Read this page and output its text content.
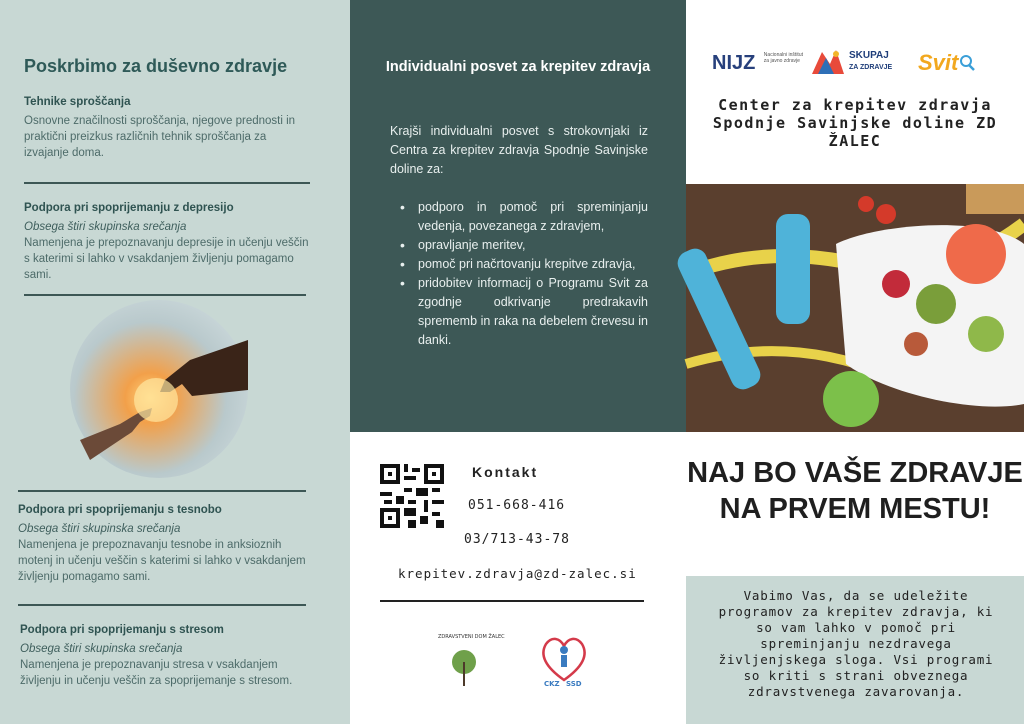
Poskrbimo za duševno zdravje
Tehnike sproščanja

Osnovne značilnosti sproščanja, njegove prednosti in praktični preizkus različnih tehnik sproščanja za izvajanje doma.

Podpora pri spoprijemanju z depresijo
Obsega štiri skupinska srečanja

Namenjena je prepoznavanju depresije in učenju veščin s katerimi si lahko v vsakdanjem življenju pomagamo sami.

Podpora pri spoprijemanju s tesnobo
Obsega štiri skupinska srečanja

Namenjena je prepoznavanju tesnobe in anksioznih motenj in učenju veščin s katerimi si lahko v vsakdanjem življenju pomagamo sami.

Podpora pri spoprijemanju s stresom
Obsega štiri skupinska srečanja

Namenjena je prepoznavanju stresa v vsakdanjem življenju in učenju veščin za spoprijemanje s stresom.

Individualni posvet za krepitev zdravja
Krajši individualni posvet s strokovnjaki iz Centra za krepitev zdravja Spodnje Savinjske doline za:
• podporo in pomoč pri spreminjanju vedenja, povezanega z zdravjem,
• opravljanje meritev,
• pomoč pri načrtovanju krepitve zdravja,
• pridobitev informacij o Programu Svit za zgodnje odkrivanje predrakavih sprememb in raka na debelem črevesu in danki.
Kontakt
051-668-416
03/713-43-78
krepitev.zdravja@zd-zalec.si
ZDRAVSTVENI DOM ŽALEC
CKZ SSD
NIJZ Nacionalni inštitut
za javno zdravje
SKUPAJ
ZA ZDRAVJE Svit
Center za krepitev zdravja Spodnje Savinjske doline ZD ŽALEC
NAJ BO VAŠE ZDRAVJE NA PRVEM MESTU!

Vabimo Vas, da se udeležite programov za krepitev zdravja, ki so vam lahko v pomoč pri spreminjanju nezdravega življenjskega sloga. Vsi programi so kriti s strani obveznega zdravstvenega zavarovanja.
